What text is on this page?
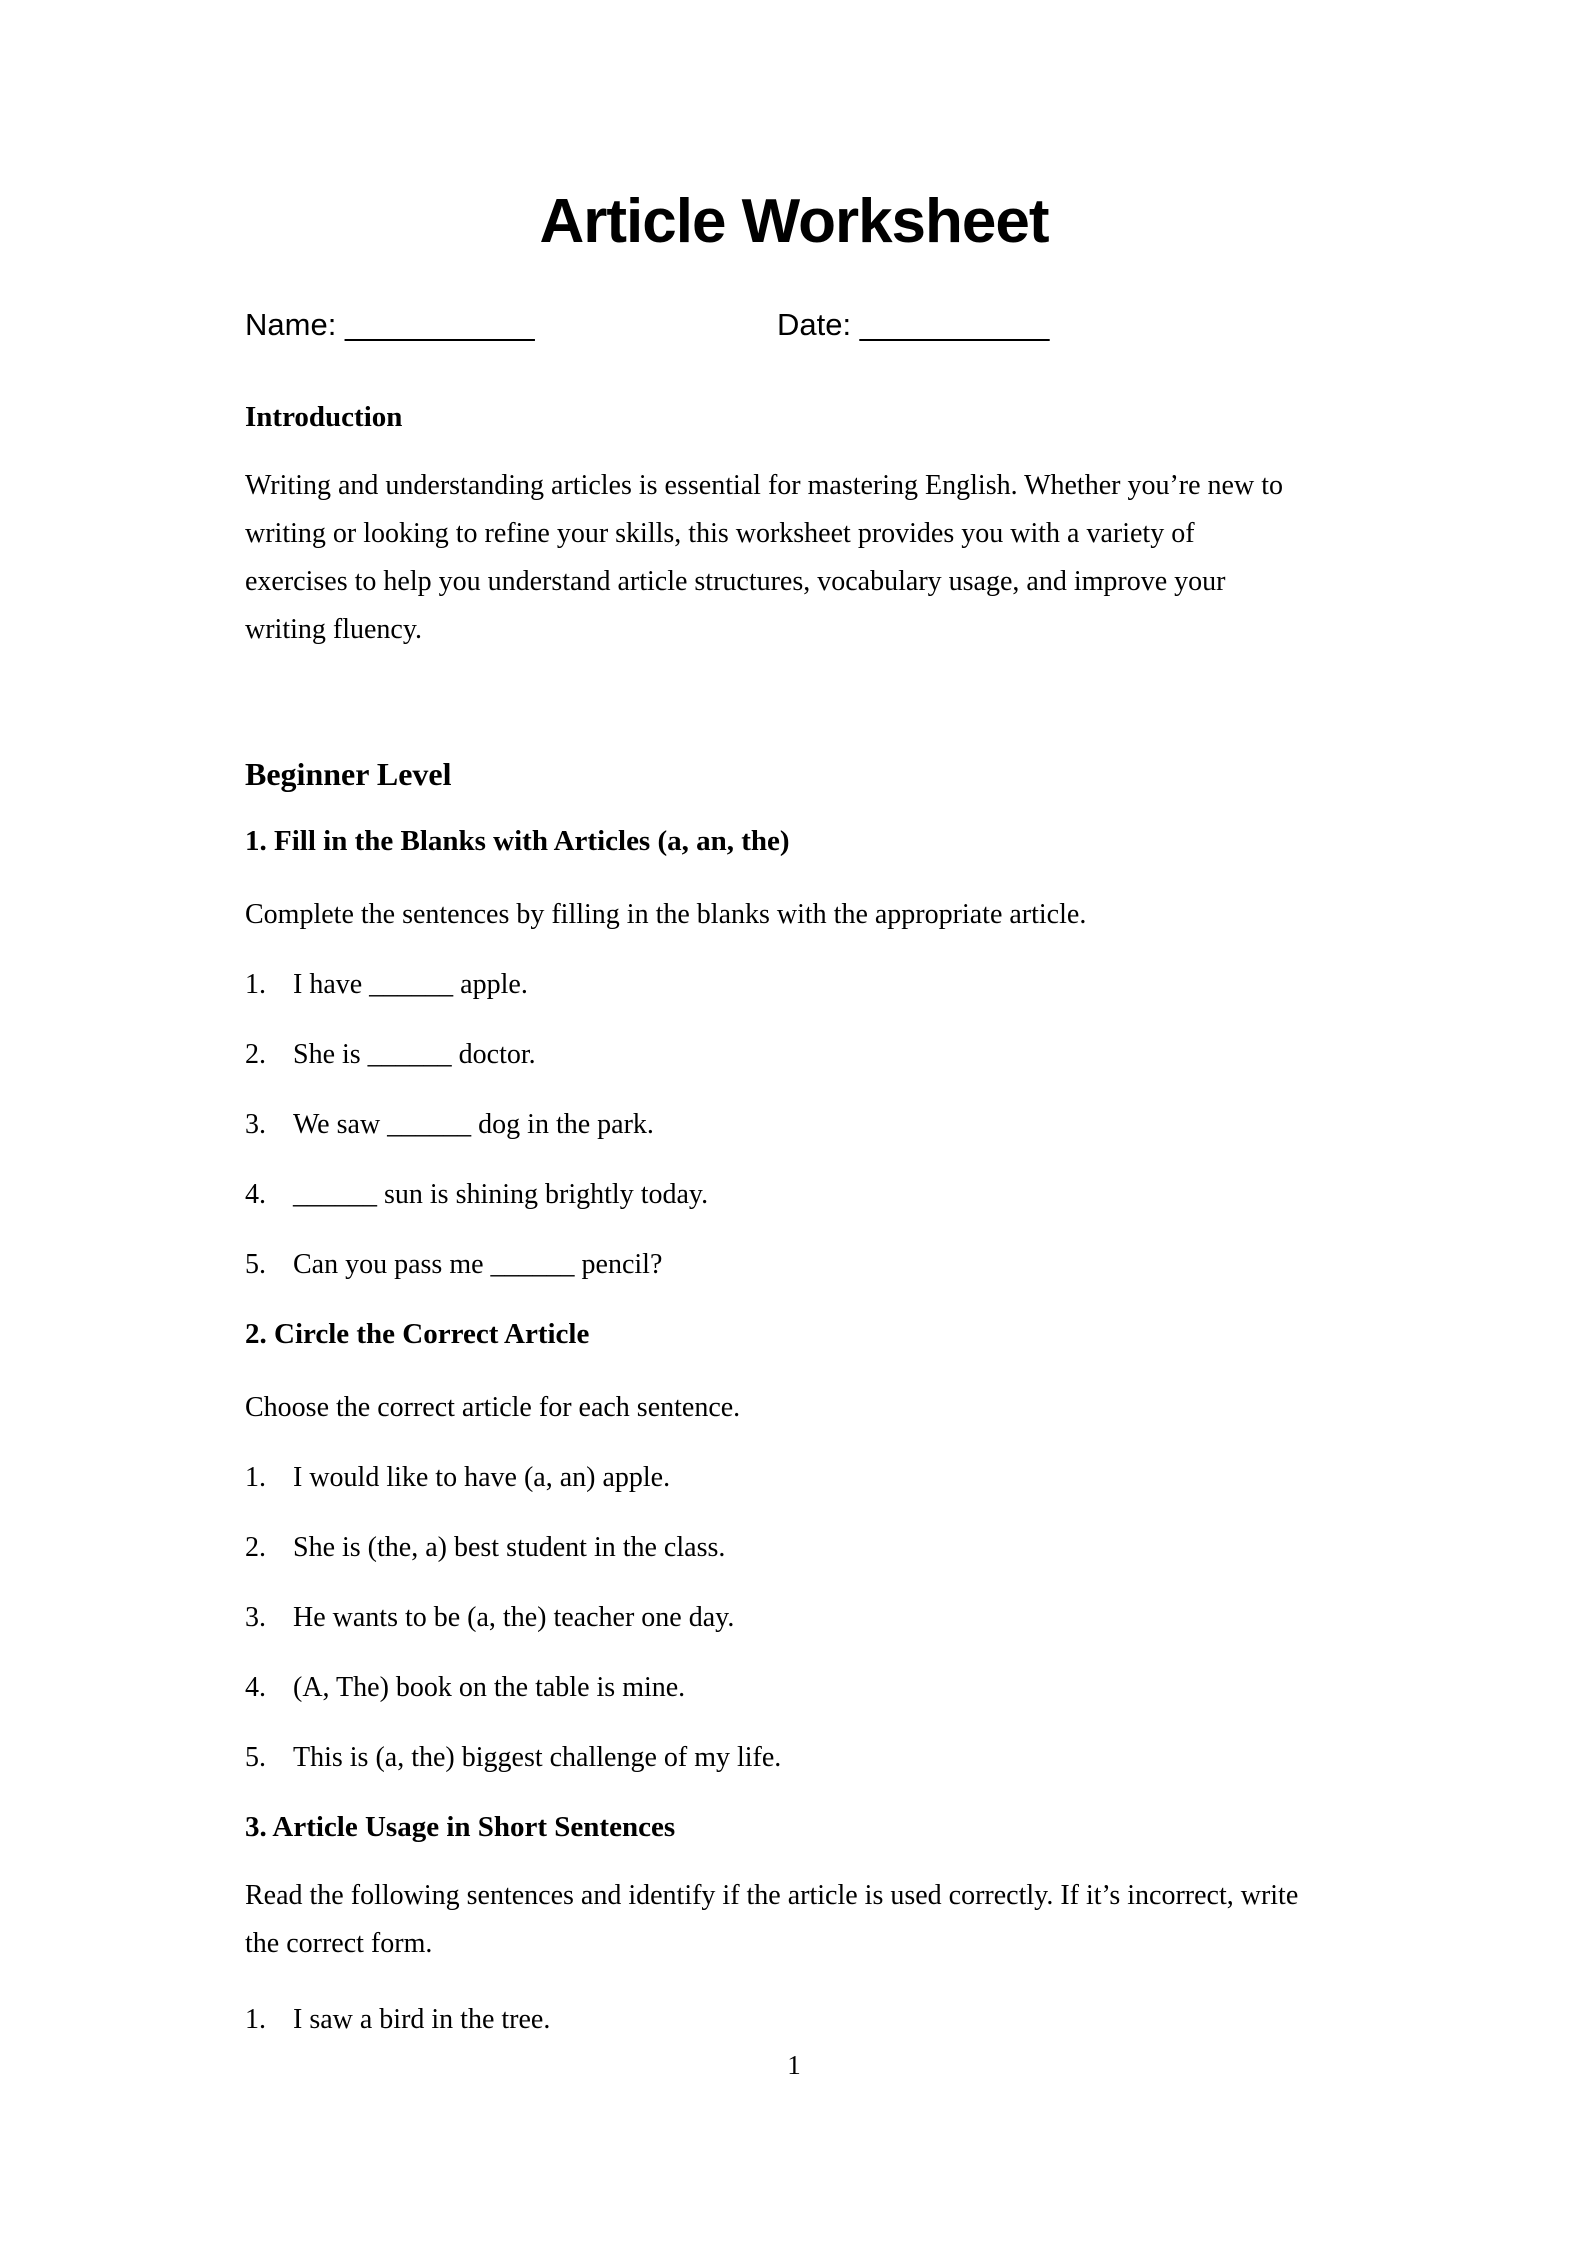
Article Worksheet
Name: ___________	Date: ___________
Introduction
Writing and understanding articles is essential for mastering English. Whether you’re new to
writing or looking to refine your skills, this worksheet provides you with a variety of
exercises to help you understand article structures, vocabulary usage, and improve your
writing fluency.
Beginner Level
1. Fill in the Blanks with Articles (a, an, the)

Complete the sentences by filling in the blanks with the appropriate article.

1. I have ______ apple.
2. She is ______ doctor.
3. We saw ______ dog in the park.
4. ______ sun is shining brightly today.
5. Can you pass me ______ pencil?
2. Circle the Correct Article

Choose the correct article for each sentence.

1. I would like to have (a, an) apple.
2. She is (the, a) best student in the class.
3. He wants to be (a, the) teacher one day.
4. (A, The) book on the table is mine.
5. This is (a, the) biggest challenge of my life.
3. Article Usage in Short Sentences
Read the following sentences and identify if the article is used correctly. If it’s incorrect, write
the correct form.
1. I saw a bird in the tree.
1
